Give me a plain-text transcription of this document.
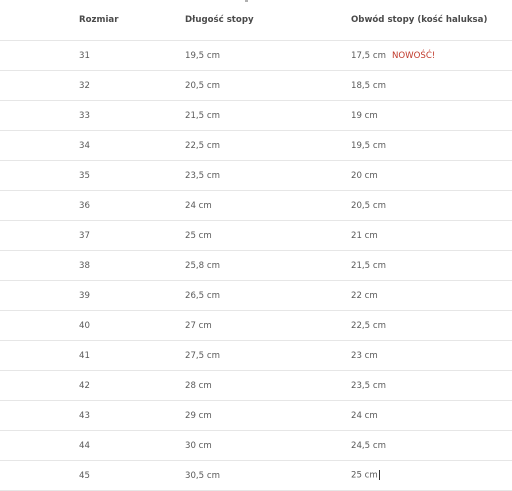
Rozmiar	Długość stopy	Obwód stopy (kość haluksa)
31	19,5 cm	17,5 cm NOWOŚĆ!
32	20,5 cm	18,5 cm
33	21,5 cm	19 cm
34	22,5 cm	19,5 cm
35	23,5 cm	20 cm
36	24 cm	20,5 cm
37	25 cm	21 cm
38	25,8 cm	21,5 cm
39	26,5 cm	22 cm
40	27 cm	22,5 cm
41	27,5 cm	23 cm
42	28 cm	23,5 cm
43	29 cm	24 cm
44	30 cm	24,5 cm
45	30,5 cm	25 cm
